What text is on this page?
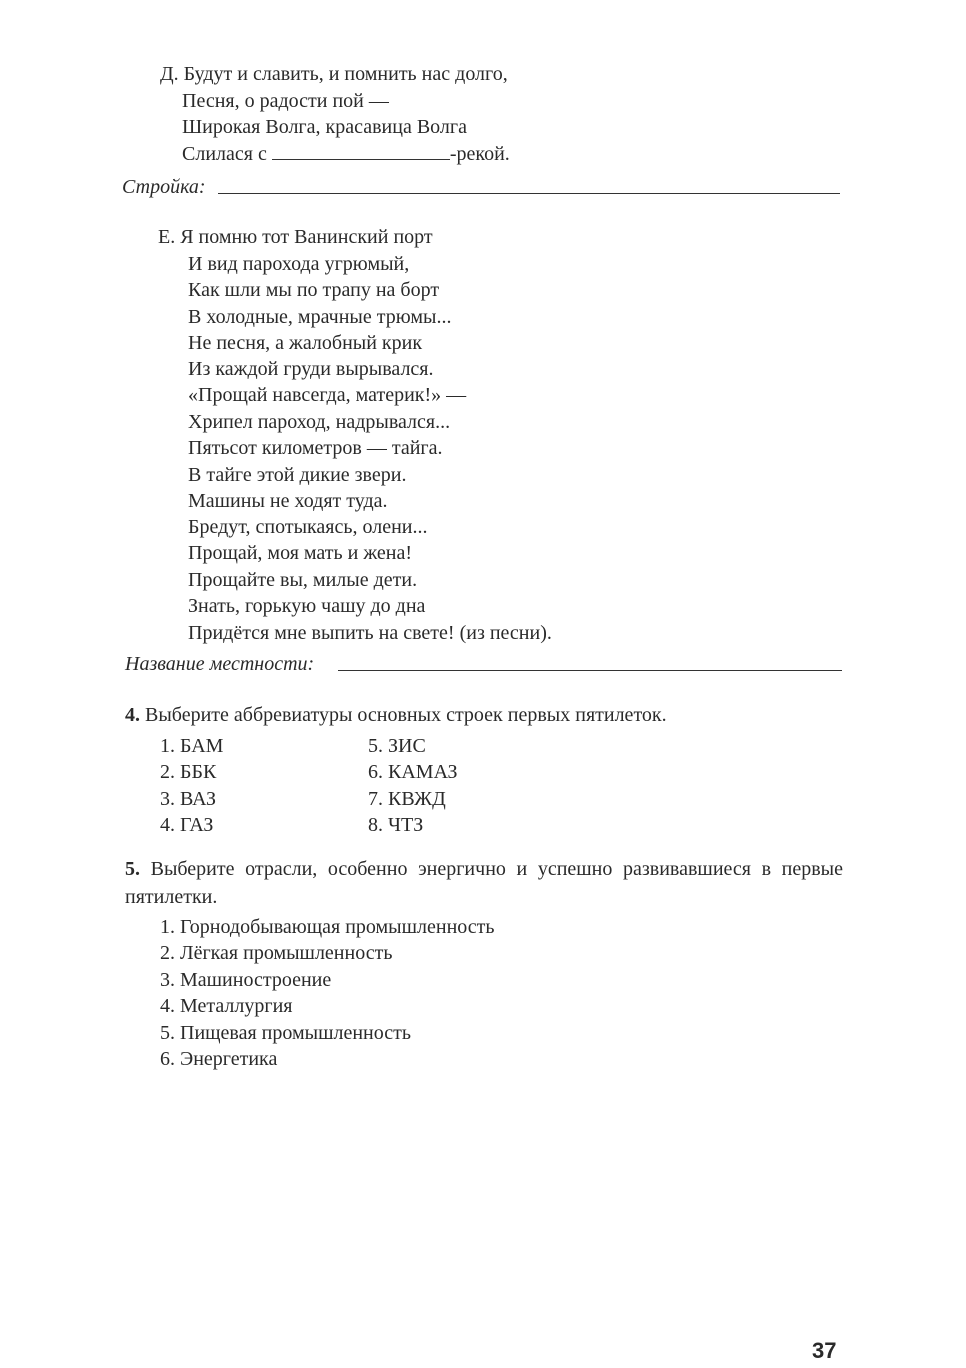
Д. Будут и славить, и помнить нас долго,
Песня, о радости пой —
Широкая Волга, красавица Волга
Слилася с	-рекой.
Стройка:
Е. Я помню тот Ванинский порт
И вид парохода угрюмый,
Как шли мы по трапу на борт
В холодные, мрачные трюмы...
Не песня, а жалобный крик
Из каждой груди вырывался.
«Прощай навсегда, материк!» —
Хрипел пароход, надрывался...
Пятьсот километров — тайга.
В тайге этой дикие звери.
Машины не ходят туда.
Бредут, спотыкаясь, олени...
Прощай, моя мать и жена!
Прощайте вы, милые дети.
Знать, горькую чашу до дна
Придётся мне выпить на свете! (из песни).
Название местности:
4. Выберите аббревиатуры основных строек первых пятилеток.
1. БАМ
2. ББК
3. ВАЗ
4. ГАЗ
5. ЗИС
6. КАМАЗ
7. КВЖД
8. ЧТЗ
5. Выберите отрасли, особенно энергично и успешно развивавшиеся в первые пятилетки.
1. Горнодобывающая промышленность
2. Лёгкая промышленность
3. Машиностроение
4. Металлургия
5. Пищевая промышленность
6. Энергетика
37
